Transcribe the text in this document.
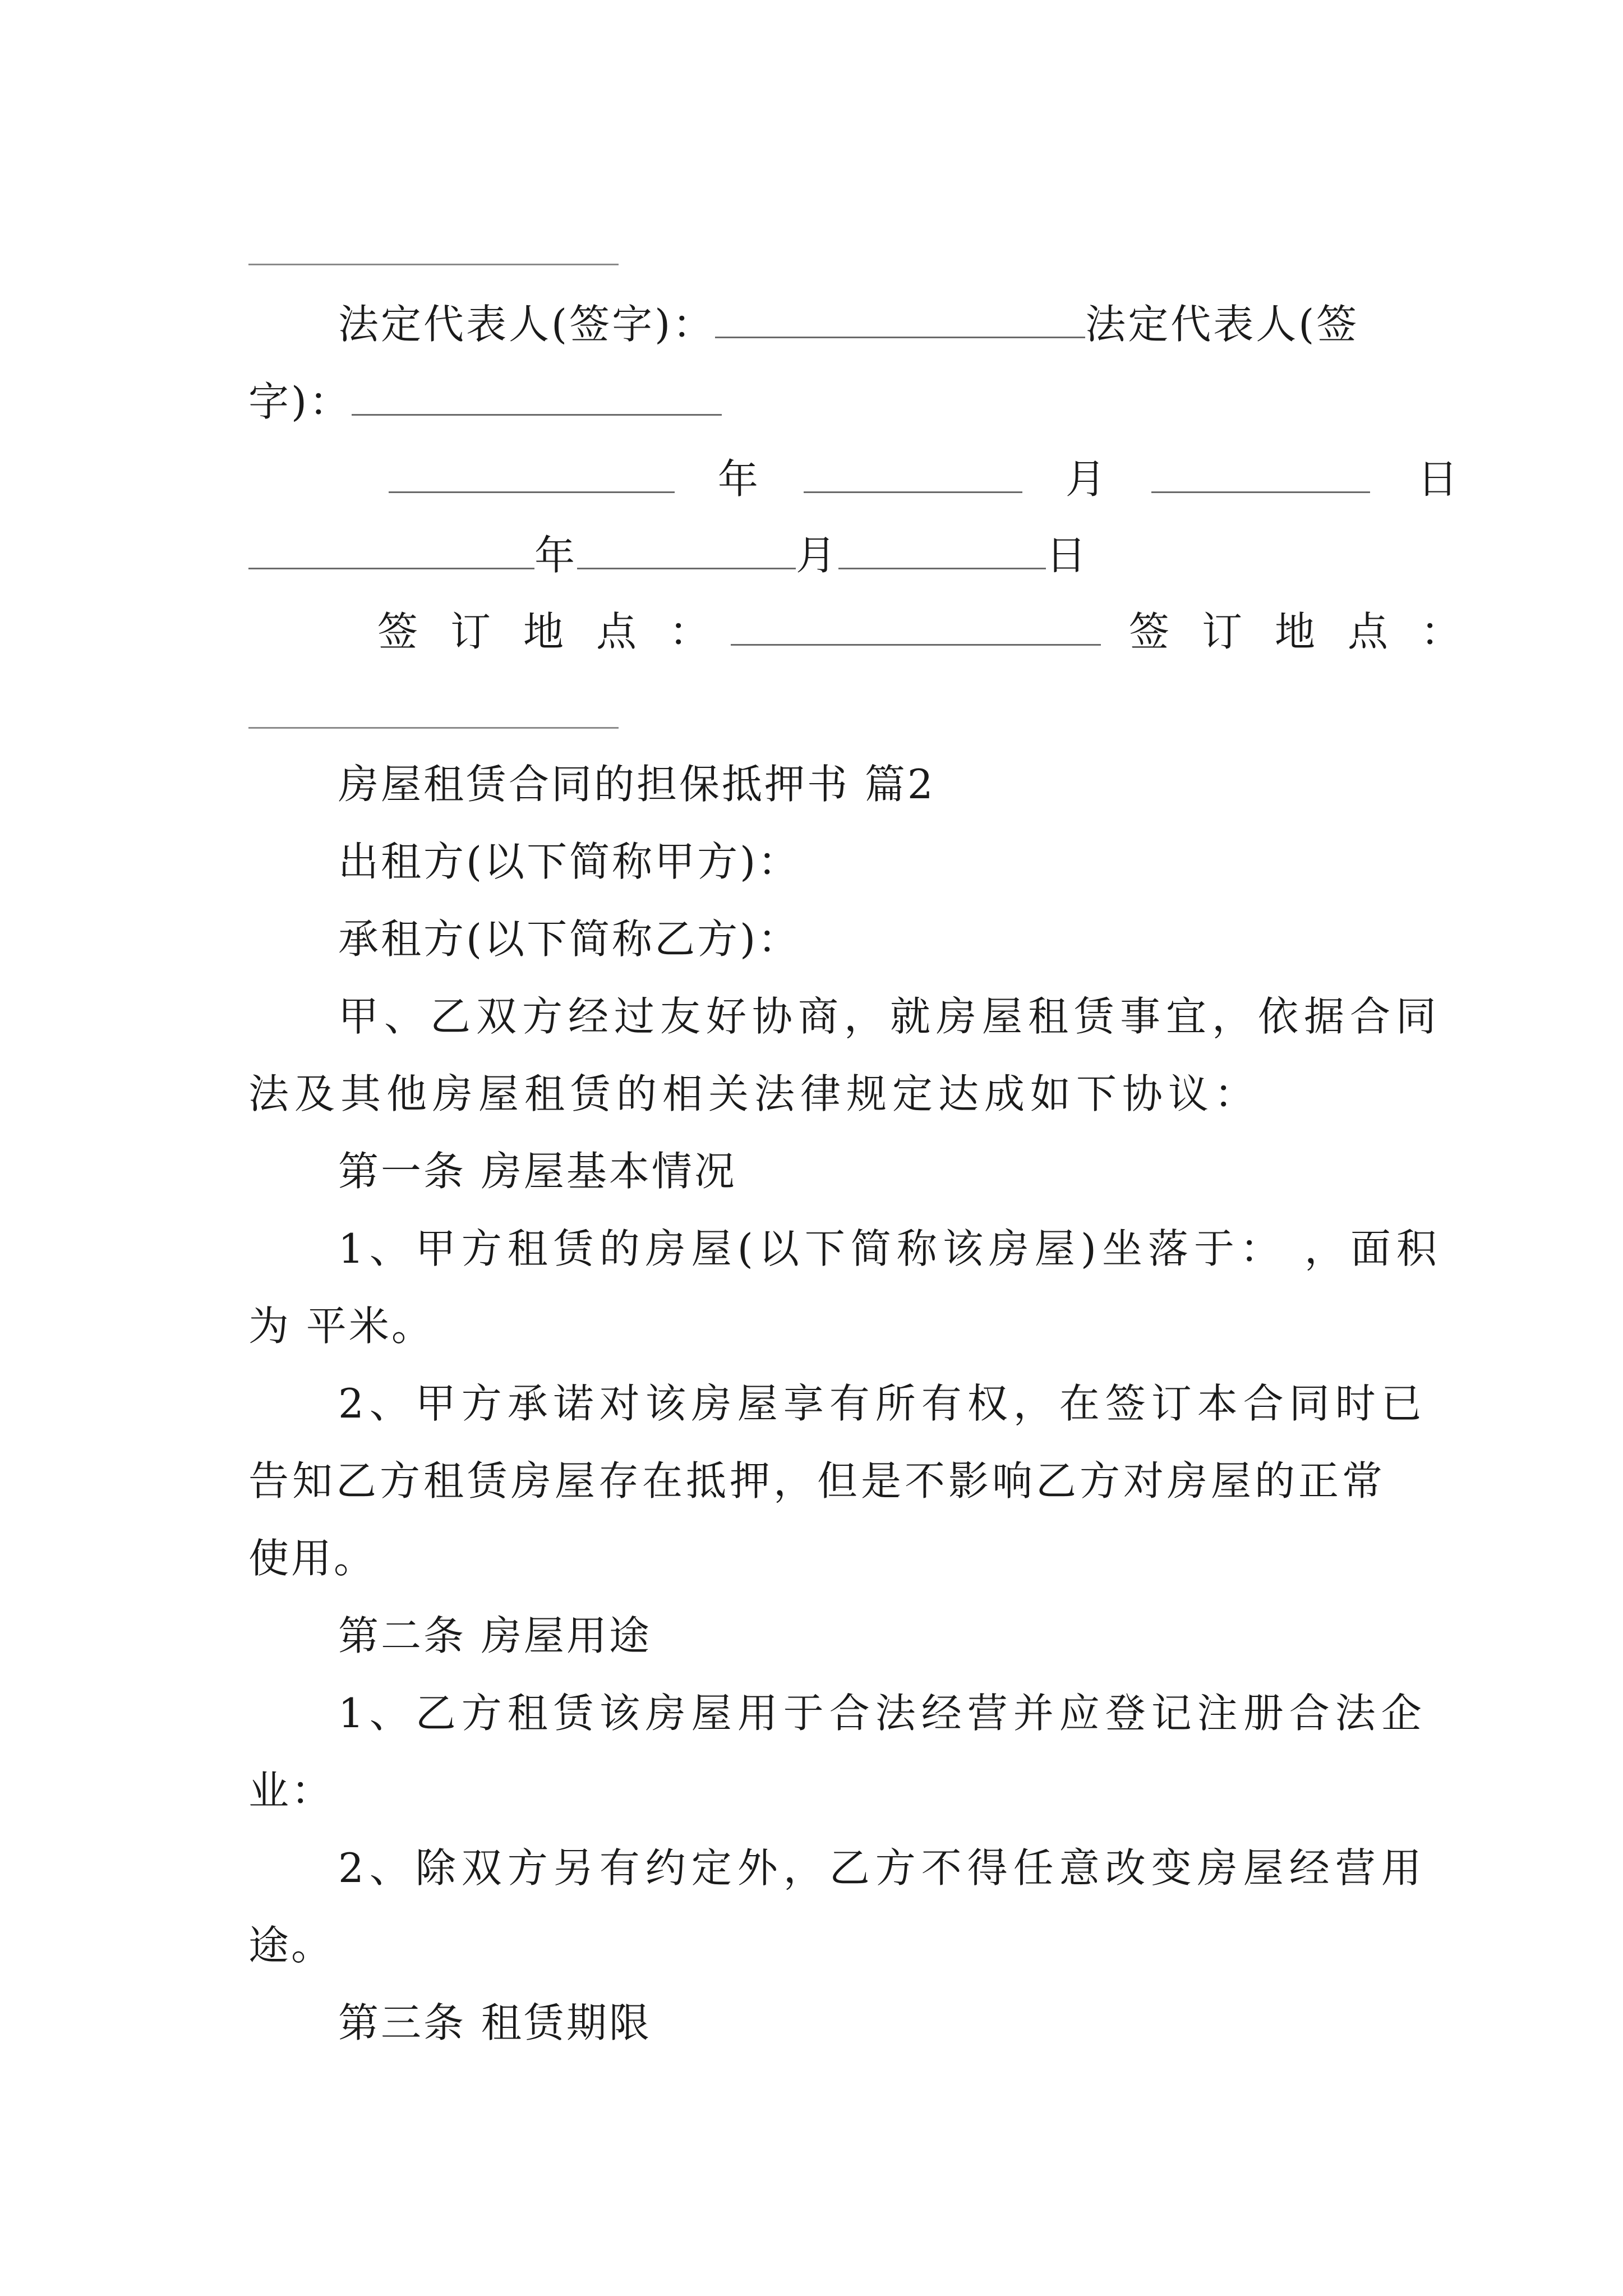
法定代表人(签字)：	法定代表人(签
字)：
年	月	日
年	月	日
签订地点：	签订地点：
房屋租赁合同的担保抵押书 篇2
出租方(以下简称甲方)：
承租方(以下简称乙方)：
甲、乙双方经过友好协商，就房屋租赁事宜，依据合同
法及其他房屋租赁的相关法律规定达成如下协议：
第一条 房屋基本情况
1、甲方租赁的房屋(以下简称该房屋)坐落于： ，面积
为 平米。
2、甲方承诺对该房屋享有所有权，在签订本合同时已
告知乙方租赁房屋存在抵押，但是不影响乙方对房屋的正常
使用。
第二条 房屋用途
1、乙方租赁该房屋用于合法经营并应登记注册合法企
业：
2、除双方另有约定外，乙方不得任意改变房屋经营用
途。
第三条 租赁期限
